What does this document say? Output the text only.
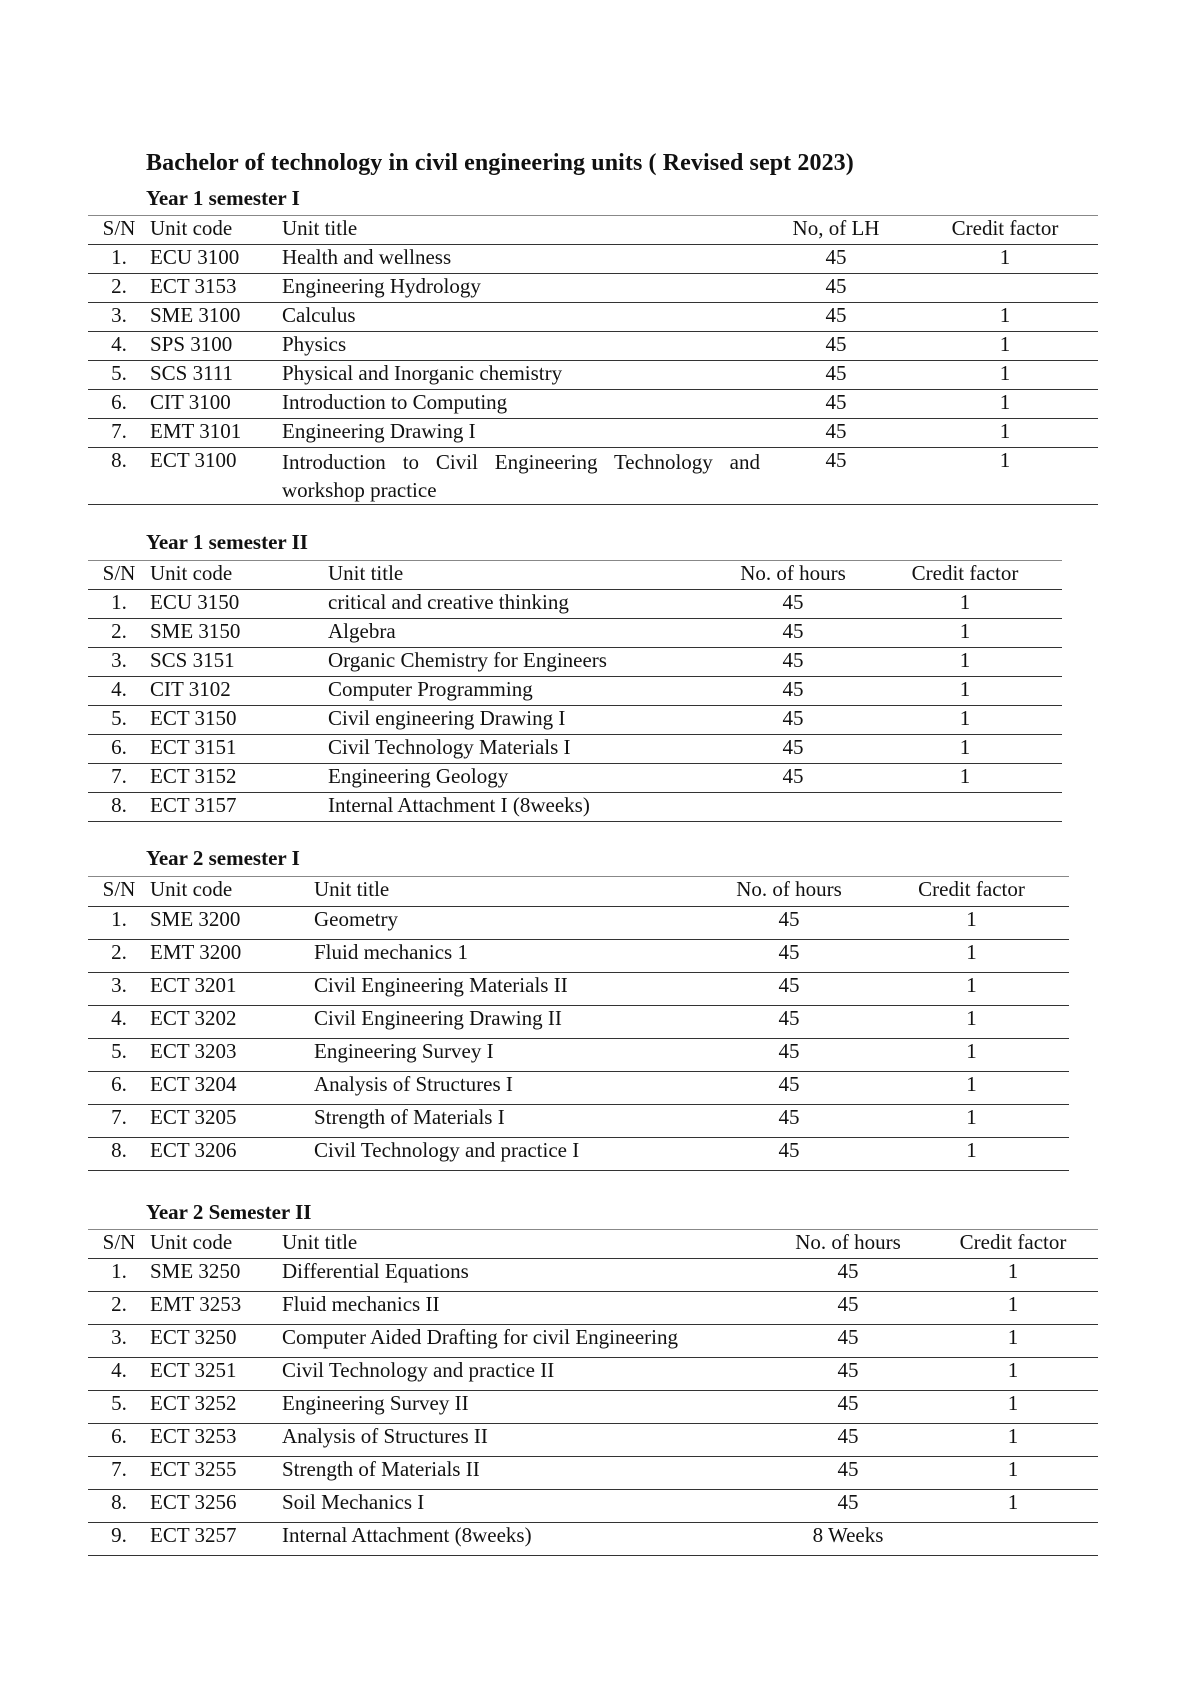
Bachelor of technology in civil engineering units ( Revised sept 2023)
Year 1 semester I
S/N	Unit code	Unit title	No, of LH	Credit factor
1.	ECU 3100	Health and wellness	45	1
2.	ECT 3153	Engineering Hydrology	45	
3.	SME 3100	Calculus	45	1
4.	SPS 3100	Physics	45	1
5.	SCS 3111	Physical and Inorganic chemistry	45	1
6.	CIT 3100	Introduction to Computing	45	1
7.	EMT 3101	Engineering Drawing I	45	1
8.	ECT 3100	Introduction to Civil Engineering Technology and workshop practice	45	1
Year 1 semester II
S/N	Unit code	Unit title	No. of hours	Credit factor
1.	ECU 3150	critical and creative thinking	45	1
2.	SME 3150	Algebra	45	1
3.	SCS 3151	Organic Chemistry for Engineers	45	1
4.	CIT 3102	Computer Programming	45	1
5.	ECT 3150	Civil engineering Drawing I	45	1
6.	ECT 3151	Civil Technology Materials I	45	1
7.	ECT 3152	Engineering Geology	45	1
8.	ECT 3157	Internal Attachment I (8weeks)		
Year 2 semester I
S/N	Unit code	Unit title	No. of hours	Credit factor
1.	SME 3200	Geometry	45	1
2.	EMT 3200	Fluid mechanics 1	45	1
3.	ECT 3201	Civil Engineering Materials II	45	1
4.	ECT 3202	Civil Engineering Drawing II	45	1
5.	ECT 3203	Engineering Survey I	45	1
6.	ECT 3204	Analysis of Structures I	45	1
7.	ECT 3205	Strength of Materials I	45	1
8.	ECT 3206	Civil Technology and practice I	45	1
Year 2 Semester II
S/N	Unit code	Unit title	No. of hours	Credit factor
1.	SME 3250	Differential Equations	45	1
2.	EMT 3253	Fluid mechanics II	45	1
3.	ECT 3250	Computer Aided Drafting for civil Engineering	45	1
4.	ECT 3251	Civil Technology and practice II	45	1
5.	ECT 3252	Engineering Survey II	45	1
6.	ECT 3253	Analysis of Structures II	45	1
7.	ECT 3255	Strength of Materials II	45	1
8.	ECT 3256	Soil Mechanics I	45	1
9.	ECT 3257	Internal Attachment (8weeks)	8 Weeks	
